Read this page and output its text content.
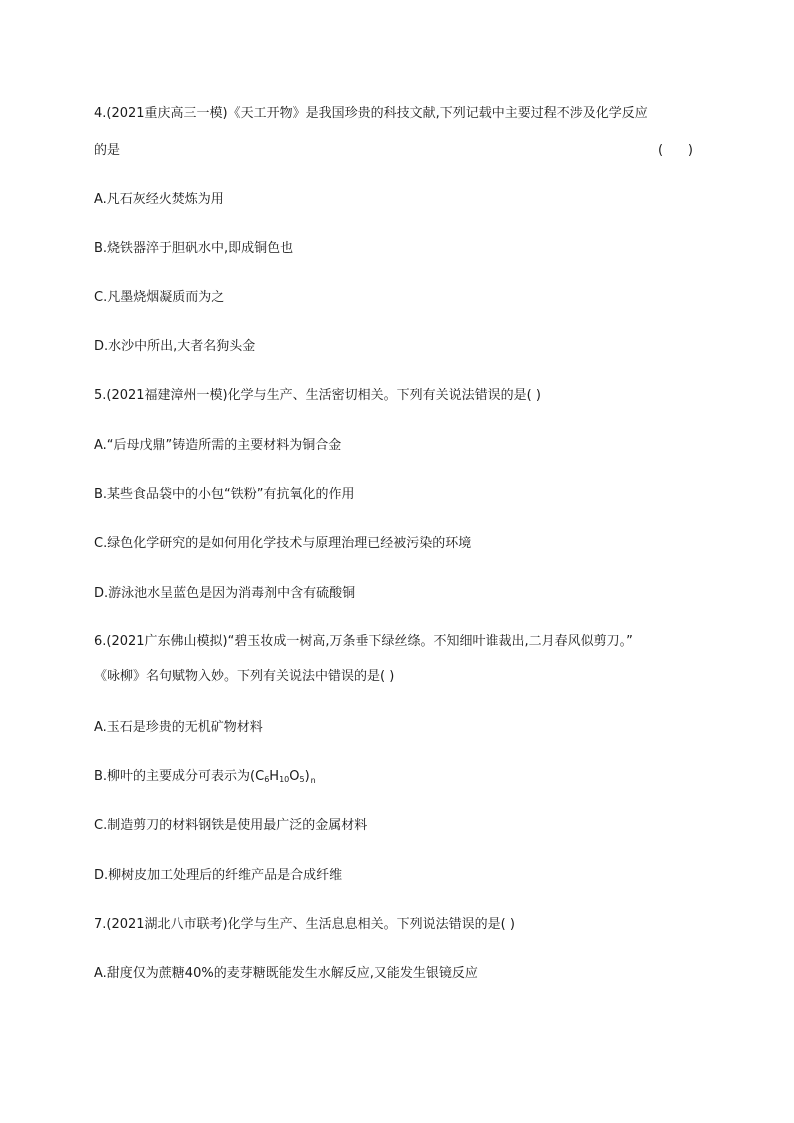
4.(2021重庆高三一模)《天工开物》是我国珍贵的科技文献,下列记载中主要过程不涉及化学反应
的是	(      )
A.凡石灰经火焚炼为用
B.烧铁器淬于胆矾水中,即成铜色也
C.凡墨烧烟凝质而为之
D.水沙中所出,大者名狗头金
5.(2021福建漳州一模)化学与生产、生活密切相关。下列有关说法错误的是( )
A.“后母戊鼎”铸造所需的主要材料为铜合金
B.某些食品袋中的小包“铁粉”有抗氧化的作用
C.绿色化学研究的是如何用化学技术与原理治理已经被污染的环境
D.游泳池水呈蓝色是因为消毒剂中含有硫酸铜
6.(2021广东佛山模拟)“碧玉妆成一树高,万条垂下绿丝绦。不知细叶谁裁出,二月春风似剪刀。”
《咏柳》名句赋物入妙。下列有关说法中错误的是( )
A.玉石是珍贵的无机矿物材料
B.柳叶的主要成分可表示为$(C_6H_{10}O_5)_n$
C.制造剪刀的材料钢铁是使用最广泛的金属材料
D.柳树皮加工处理后的纤维产品是合成纤维
7.(2021湖北八市联考)化学与生产、生活息息相关。下列说法错误的是( )
A.甜度仅为蔗糖40%的麦芽糖既能发生水解反应,又能发生银镜反应
